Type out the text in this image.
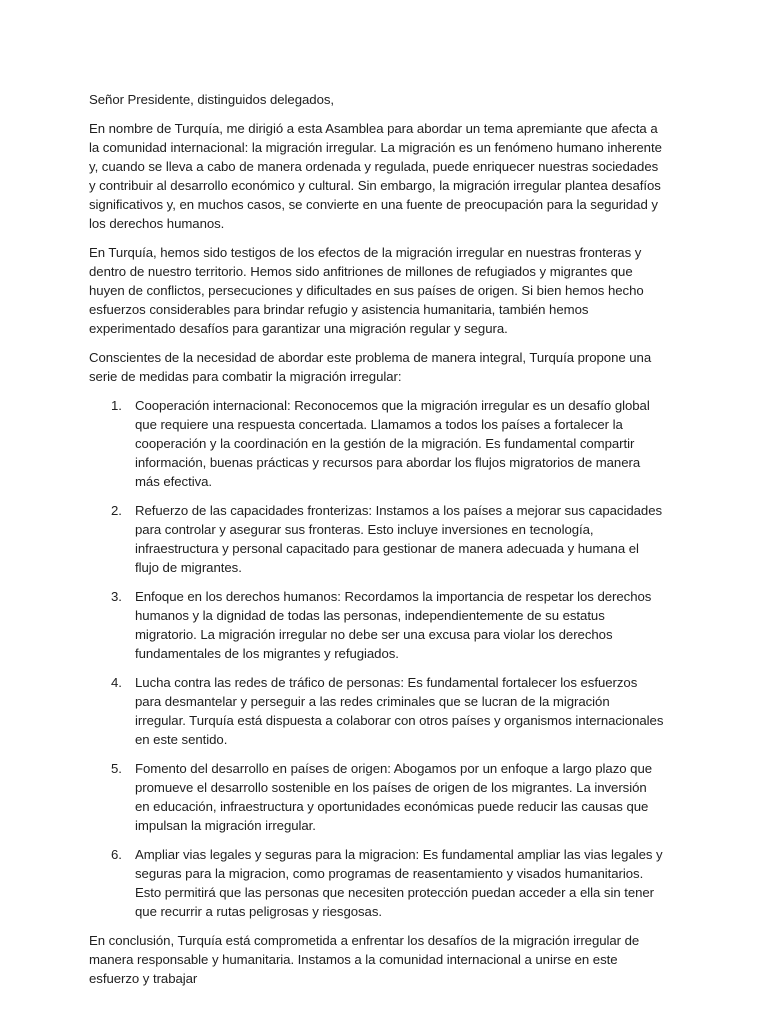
Señor Presidente, distinguidos delegados,

En nombre de Turquía, me dirigió a esta Asamblea para abordar un tema apremiante que afecta a la comunidad internacional: la migración irregular. La migración es un fenómeno humano inherente y, cuando se lleva a cabo de manera ordenada y regulada, puede enriquecer nuestras sociedades y contribuir al desarrollo económico y cultural. Sin embargo, la migración irregular plantea desafíos significativos y, en muchos casos, se convierte en una fuente de preocupación para la seguridad y los derechos humanos.

En Turquía, hemos sido testigos de los efectos de la migración irregular en nuestras fronteras y dentro de nuestro territorio. Hemos sido anfitriones de millones de refugiados y migrantes que huyen de conflictos, persecuciones y dificultades en sus países de origen. Si bien hemos hecho esfuerzos considerables para brindar refugio y asistencia humanitaria, también hemos experimentado desafíos para garantizar una migración regular y segura.

Conscientes de la necesidad de abordar este problema de manera integral, Turquía propone una serie de medidas para combatir la migración irregular:

1. Cooperación internacional: Reconocemos que la migración irregular es un desafío global que requiere una respuesta concertada. Llamamos a todos los países a fortalecer la cooperación y la coordinación en la gestión de la migración. Es fundamental compartir información, buenas prácticas y recursos para abordar los flujos migratorios de manera más efectiva.
2. Refuerzo de las capacidades fronterizas: Instamos a los países a mejorar sus capacidades para controlar y asegurar sus fronteras. Esto incluye inversiones en tecnología, infraestructura y personal capacitado para gestionar de manera adecuada y humana el flujo de migrantes.
3. Enfoque en los derechos humanos: Recordamos la importancia de respetar los derechos humanos y la dignidad de todas las personas, independientemente de su estatus migratorio. La migración irregular no debe ser una excusa para violar los derechos fundamentales de los migrantes y refugiados.
4. Lucha contra las redes de tráfico de personas: Es fundamental fortalecer los esfuerzos para desmantelar y perseguir a las redes criminales que se lucran de la migración irregular. Turquía está dispuesta a colaborar con otros países y organismos internacionales en este sentido.
5. Fomento del desarrollo en países de origen: Abogamos por un enfoque a largo plazo que promueve el desarrollo sostenible en los países de origen de los migrantes. La inversión en educación, infraestructura y oportunidades económicas puede reducir las causas que impulsan la migración irregular.
6. Ampliar vias legales y seguras para la migracion: Es fundamental ampliar las vias legales y seguras para la migracion, como programas de reasentamiento y visados humanitarios. Esto permitirá que las personas que necesiten protección puedan acceder a ella sin tener que recurrir a rutas peligrosas y riesgosas.

En conclusión, Turquía está comprometida a enfrentar los desafíos de la migración irregular de manera responsable y humanitaria. Instamos a la comunidad internacional a unirse en este esfuerzo y trabajar
